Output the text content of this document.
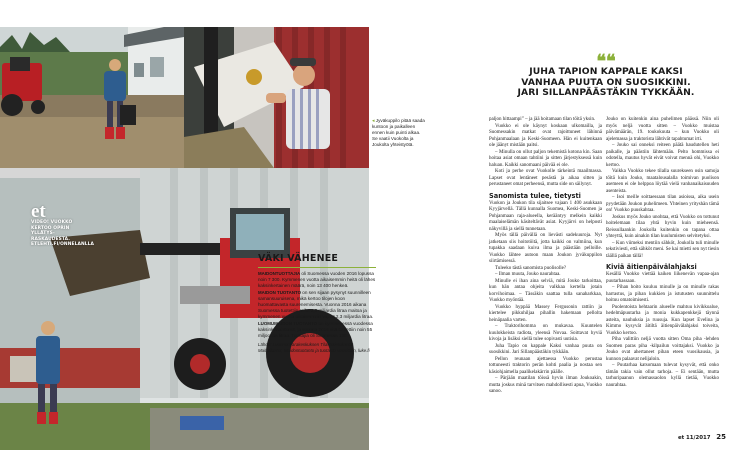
◂ Jyväkuppilo pitää saada kuntoon ja paikalleen ennen kuin puinti alkaa. Se vaatii Vuokolta ja Joukolta yhteistyötä.
et
VIDEO! VUOKKO KERTOO OPRIN YLLÄTYS-RASKAUDESTA. ETLEHTI.FI/ONNELANLLA
VÄKI VÄHENEE

MAIDONTUOTTAJIA oli Suomessa vuoden 2016 lopussa noin 7 300. Kymmenen vuotta aikaisemmin heitä oli lähes kaksinkertainen määrä, noin 13 400 henkeä.

MAIDON TUOTANTO on sen sijaan pysynyt suunnilleen samansuuruisena, mikä kertoo tilojen koon huomattavasta suurenemisesta. Vuonna 2016 aikana Suomessa tuotettiin reilut 2,3 miljardia litraa maitoa ja kymmenen vuotta aikaisemmin vajaat 2,3 miljardia litraa.

LUOMUMAIDON TUOTANTO on kymmenessä vuodessa kaksinkertaistunut, ja vuonna 2016 sitä tuotettiin noin 55 miljoonaa litraa. Tuottajia oli Suomessa 139.

Lähde: Luonnonvarakeskuksen Tilastotietokanta: Maitotilastot, Maidontuotanto ja tuotanto vuosittain, luke.fi

❝❝
JUHA TAPION KAPPALE KAKSI
VANHAA PUUTA ON SUOSIKKINI.
JARI SILLANPÄÄSTÄKIN TYKKÄÄN.

paljon hittaampi” – ja jää hoitamaan tilan töitä yksin.

Vuokko ei ole käynyt koskaan ulkomailla, ja Suomessakin matkat ovat rajoittuneet lähinnä Pohjanmaalaan ja Keski-Suomeen. Hän ei kuitenkaan ole jäänyt mistään paitsi.

– Minulla on ollut paljon tekemistä kotona kin. Saan hoitaa asiat omaan tahtiini ja sitten järjestyksessä kuin haluan. Kaikki sanomaani päivää ei ole.

Koti ja perhe ovat Vuokolle tärkeintä maailmassa. Lapset ovat lentäneet pesästä ja aikaa sitten ja perustaneet omat perheensä, mutta side on säilynyt.

Sanomista tulee, tietysti

Vuokon ja Joukon tila sijaitsee vajaan 1 400 asukkaan Kyyjärvellä. Tällä kunnalla Suomea, Keski-Suomen ja Pohjanmaan raja-alueella, kerääntyy melkein kaikki maalaiselämän käsiteltävät asiat. Kyyjärvi on helposti näkyvillä ja siellä tunnetaan.

Myös tällä päivällä on lievästi sadekuuroja. Nyt jatketaan siis hoitotöitä, jotta kaikki on valmiina, kun tupakka saadaan kuiva ilma ja päästään pelloille. Vuokko lähtee autoon maan Joukon jyväkuppilon siirtämisessä.

Tuleeko tästä sanomista puolisolle?

– Ilman muuta, Jouko naurahtaa.

Minulle ei ihan aina selviä, mitä Jouko tarkoittaa, kun hän antaa ohjeita valkkaa kertella jotain korvihoimaa. – Tässäkin saattaa tulla sanaharkkaa, Vuokko myöntää.

Vuokko hyppää Massey Fergusonin rattiin ja kiertelee pikkuhiljaa pihallin hakemaan pellolta heinäpaalia varten.

– Traktorihomma on mukavaa. Kuuntelen kuulokkeista radiota, yleensä Novaa. Soittavat hyviä kivoja ja lisäksi siellä tulee sopivasti uutisia.

Juha Tapio on kappale Kaksi vanhaa puuta on suosikkini. Jari Sillanpäästäkin tykkään.

Pellon reunaan ajettaessa Vuokko perustaa tottuneesti traktorin perän kohti paalia ja nostaa sen käsiohjaimella paalikelakärrin päälle.

– Pärjään maatilan töissä hyvin ilman Joukoakin, mutta joskus minä tarvitsen mahdollisesti apua, Vuokko sanoo.

Jouko on kuitenkin aina puhelimen päässä. Niin oli myös neljä vuotta sitten – Vuokko muistaa päivämäärän, 19. toukokuuta – kun Vuokko oli ajelemassa ja traktorista lähtivät tapahtumat irti.

– Jouko sai onneksi reiteen päätä haudutellen heti paikalle, ja päästiin lähtemään. Pelto hommissa ei odotella, mautus hyvät eivät voivat mennä ohi, Vuokko kertoo.

Vaikka Vuokko tekee tilalla suurekseen osin samoja töitä kuin Jouko, maatalousalalla toimivan puolison asemeen ei ole helppoa löytää vielä vanhanaikaisuuden asenteista.

– Isoi meille soittaessaan tilan asioissa, aika usein pyydetään Joukon puhelimeen. Yhteinen yrityshän tämä on! Vuokko puuskahtaa.

Joskus myös Jouko unohtaa, että Vuokko on tottunut hoitelemaan tilaa yhtä hyvin kuin mieheensä. Reissullaankin Joukolla kuitenkin on tapana ottaa yhteyttä, kuin ainakin tilan kuulumisten selvitetyksi.

– Kun viimeksi mentiin sähköt, Joukolla tuli minulle tekstiviesti, että sähköt meni. Se kai mietti sen nyt tiesin täällä paikan tällä!

Kiviä äitienpäivälahjaksi

Kesällä Vuokko viettää kaiken liikenevän vapaa-ajan puutarhassaan.

– Pihan hoito kuuluu minulle ja on minulle rakas harrastus, ja pihan kukkien ja istutusten suunnittelu hoituu omatoimisesti.

Puolentoista hehtaarin alueelle mahtuu kivikkoalue, hedelmäpuutarha ja monia kukkapenkkejä täynnä asteita, nauhuksia ja ruusuja. Kun lapset Evelina ja Kimmo kysyvät äitiltä äitienpäivälahjaksi toiveita, Vuokko kertoo.

Piha valittiin neljä vuotta sitten Oma piha -lehden Suomen paras piha -kilpailun voittajaksi. Vuokko ja Jouko ovat ahertaneet pihan eteen vuosikausia, ja kunnon palaavat nelijaloin.

– Puutarhaa katsomaan tulevat kysyvät, että onko tämän takia vain ollut tarhoja. – Ei sentään, mutta tarhuripaanun olemassaolon kyllä tietää, Vuokko naurahtaa.

et 11/2017 25
